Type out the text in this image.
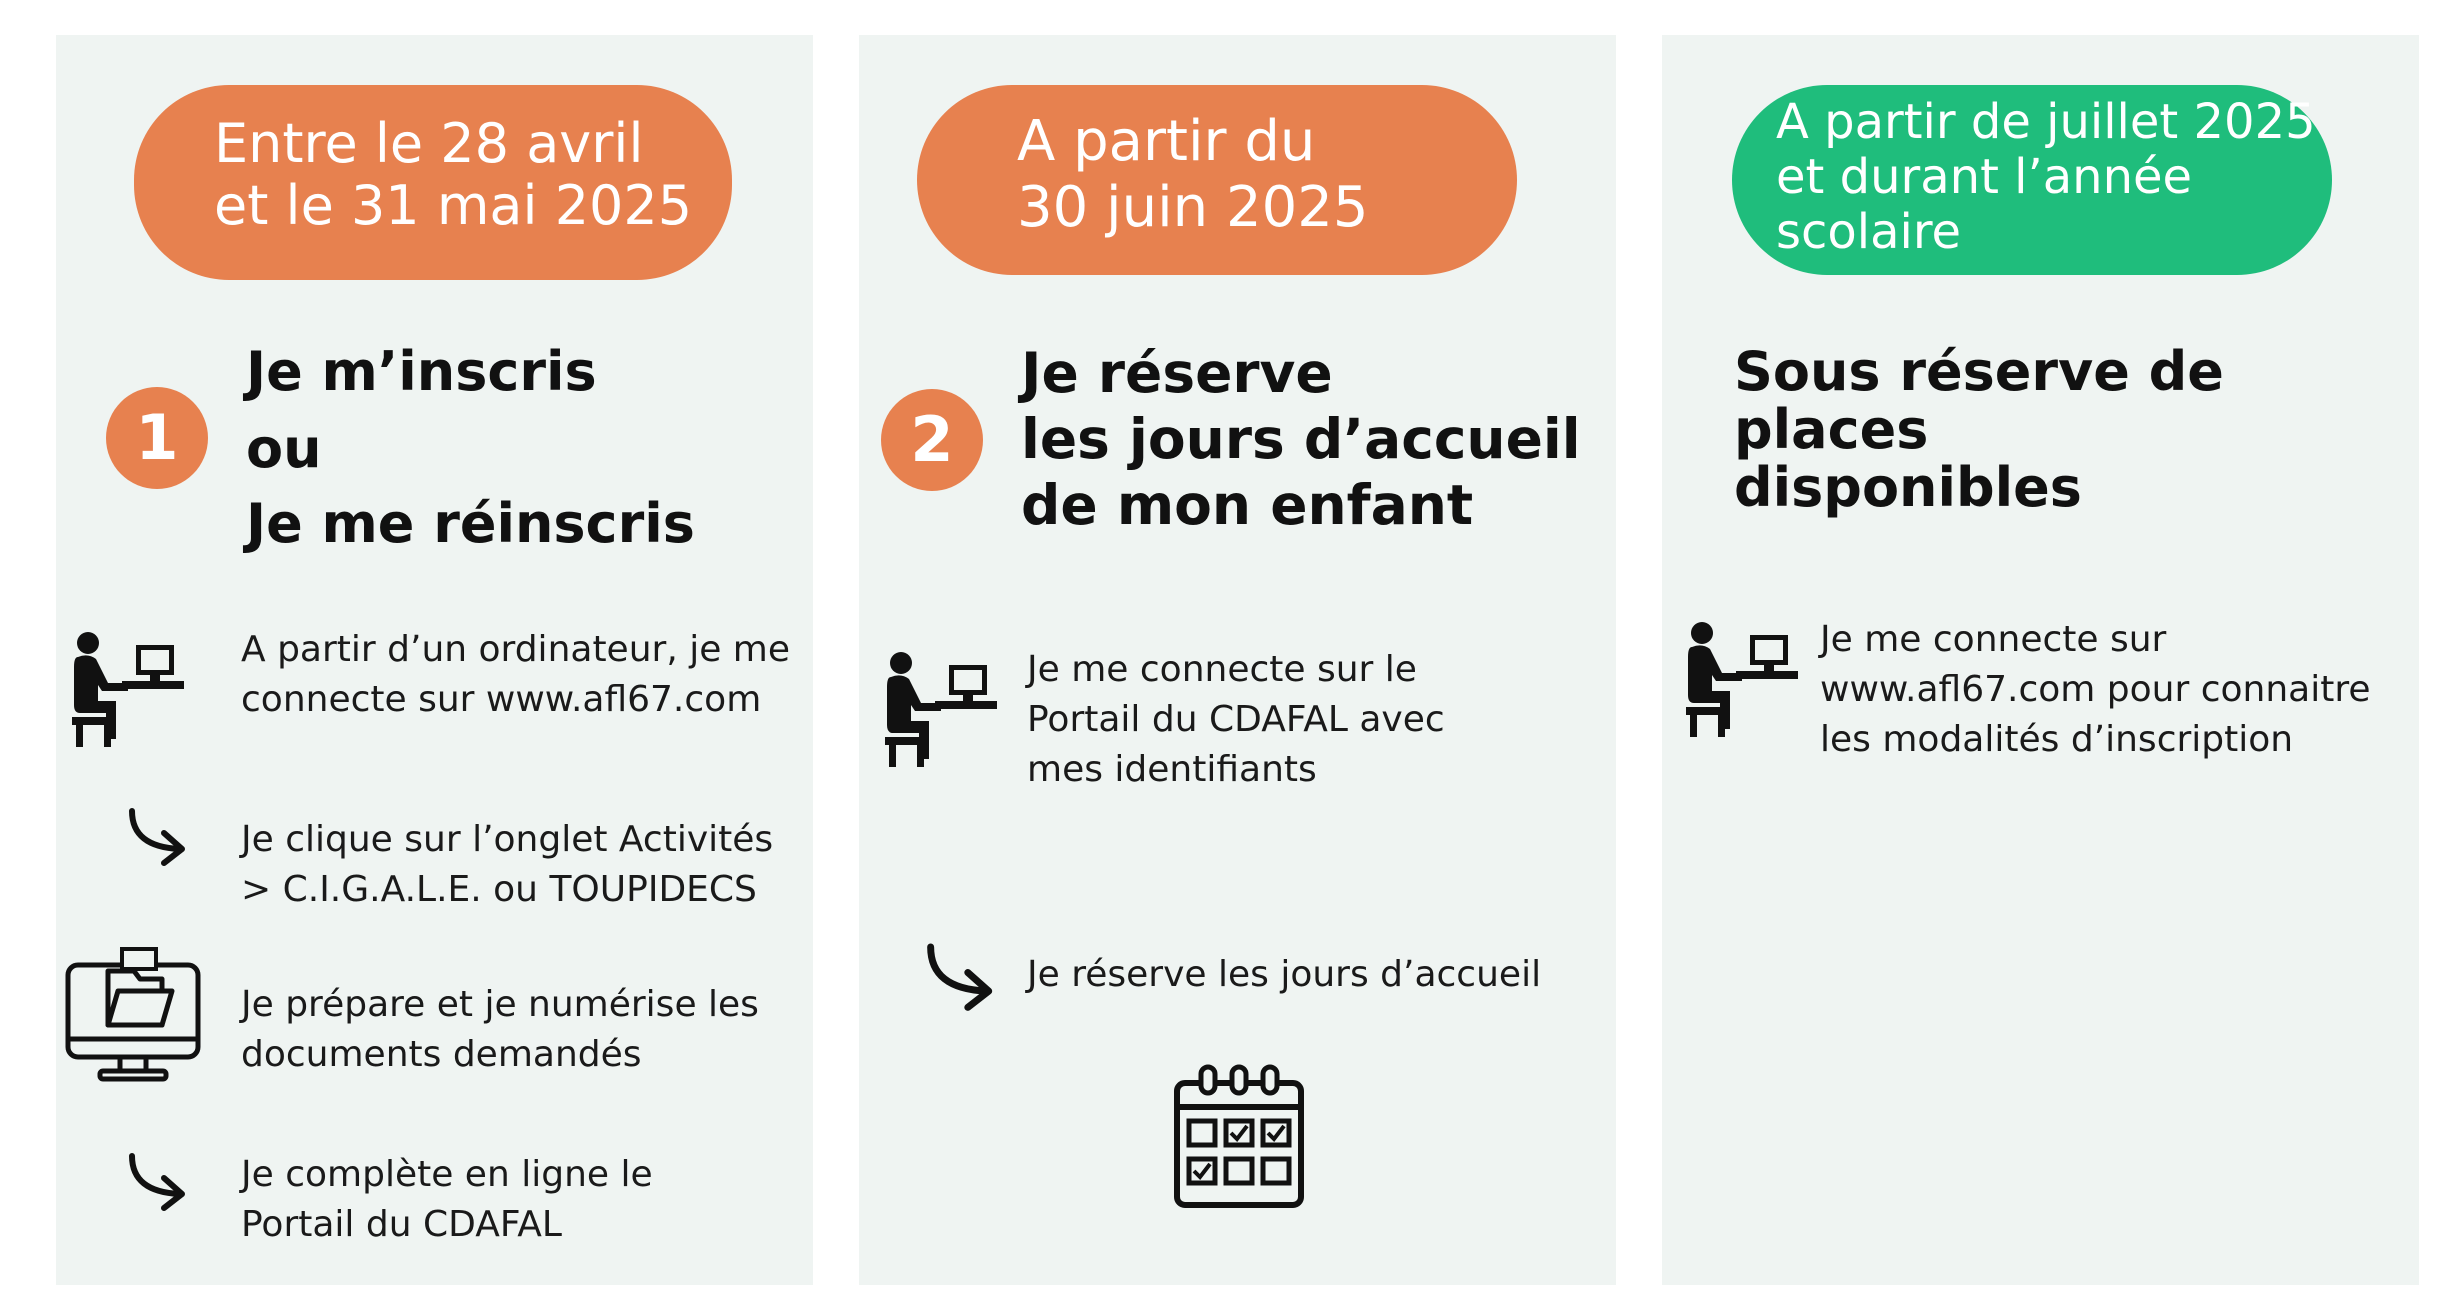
Entre le 28 avril
et le 31 mai 2025
1
Je m’inscris
ou
Je me réinscris
A partir d’un ordinateur, je me
connecte sur www.afl67.com
Je clique sur l’onglet Activités
> C.I.G.A.L.E. ou TOUPIDECS
Je prépare et je numérise les
documents demandés
Je complète en ligne le
Portail du CDAFAL
A partir du
30 juin 2025
2
Je réserve
les jours d’accueil
de mon enfant
Je me connecte sur le
Portail du CDAFAL avec
mes identifiants
Je réserve les jours d’accueil
A partir de juillet 2025
et durant l’année
scolaire
Sous réserve de places
disponibles
Je me connecte sur
www.afl67.com pour connaitre
les modalités d’inscription
